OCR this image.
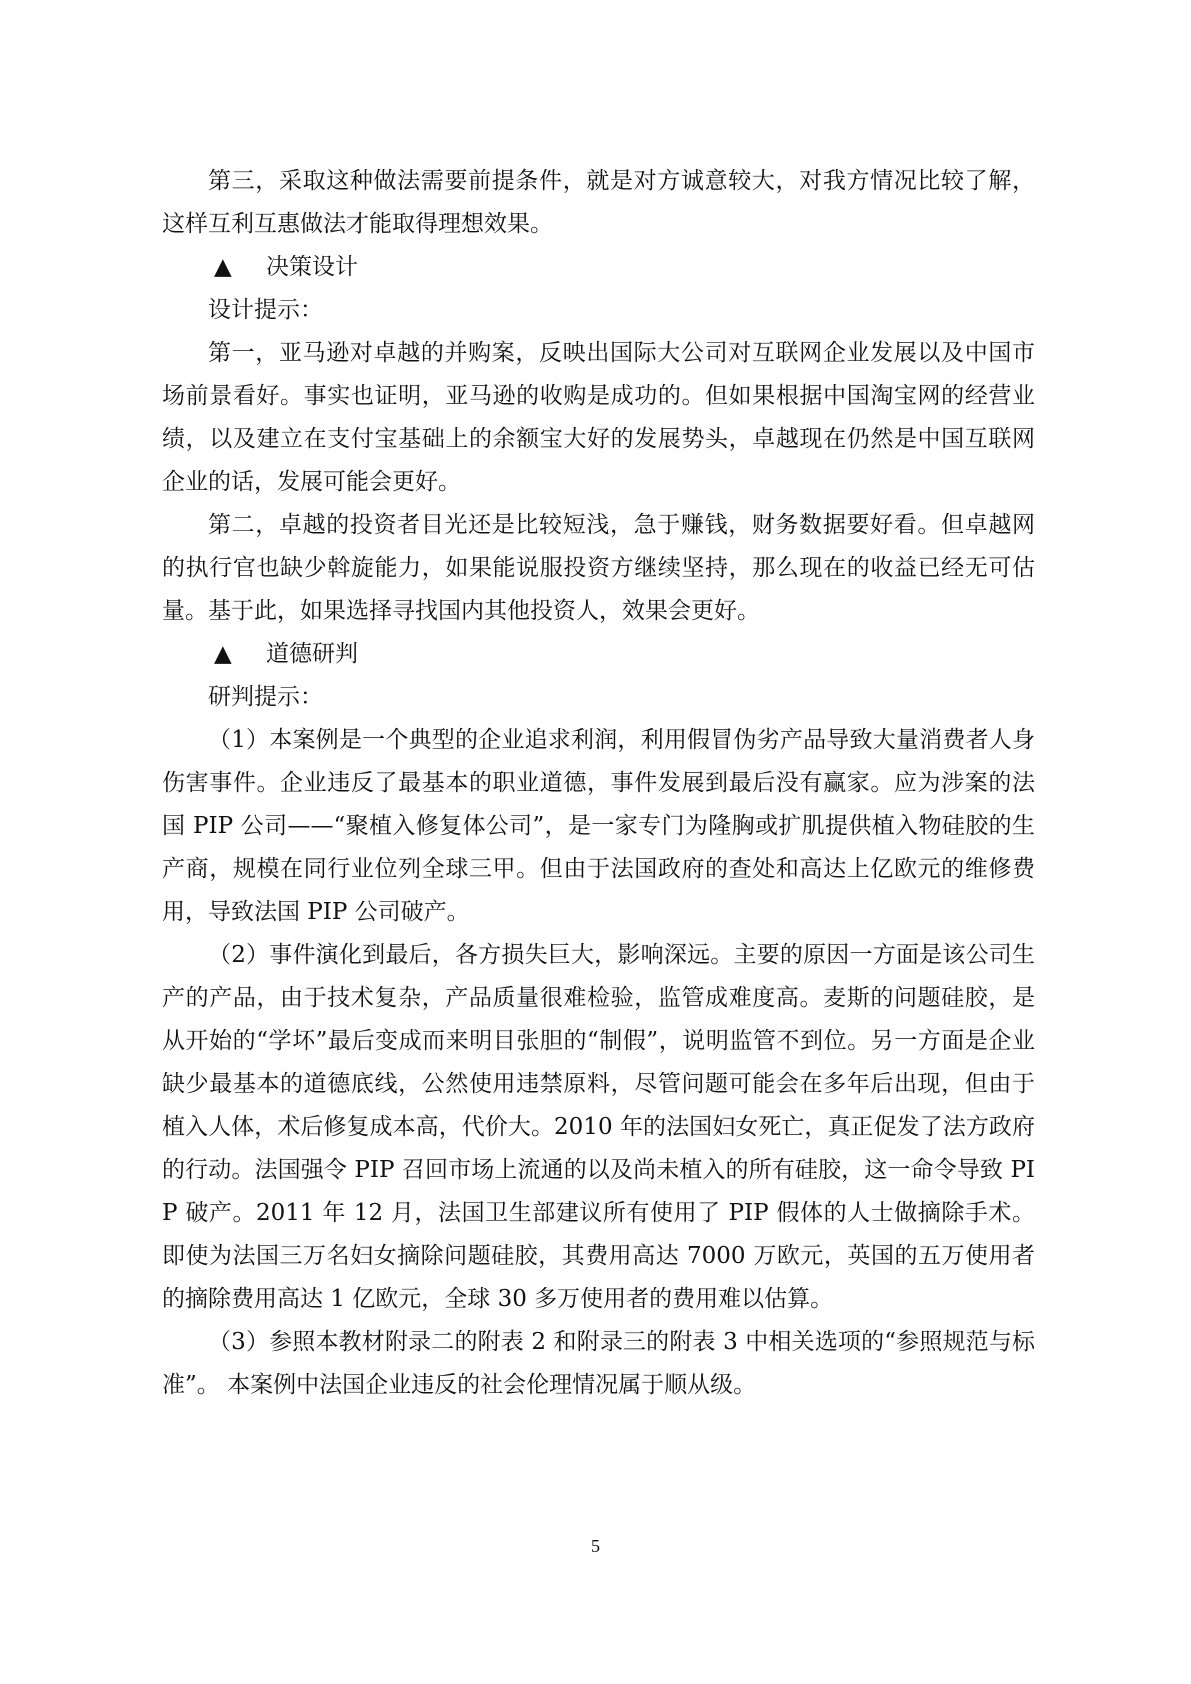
第三，采取这种做法需要前提条件，就是对方诚意较大，对我方情况比较了解，这样互利互惠做法才能取得理想效果。

▲ 决策设计

设计提示：

第一，亚马逊对卓越的并购案，反映出国际大公司对互联网企业发展以及中国市场前景看好。事实也证明，亚马逊的收购是成功的。但如果根据中国淘宝网的经营业绩，以及建立在支付宝基础上的余额宝大好的发展势头，卓越现在仍然是中国互联网企业的话，发展可能会更好。

第二，卓越的投资者目光还是比较短浅，急于赚钱，财务数据要好看。但卓越网的执行官也缺少斡旋能力，如果能说服投资方继续坚持，那么现在的收益已经无可估量。基于此，如果选择寻找国内其他投资人，效果会更好。

▲ 道德研判

研判提示：

（1）本案例是一个典型的企业追求利润，利用假冒伪劣产品导致大量消费者人身伤害事件。企业违反了最基本的职业道德，事件发展到最后没有赢家。应为涉案的法国 PIP 公司——“聚植入修复体公司”，是一家专门为隆胸或扩肌提供植入物硅胶的生产商，规模在同行业位列全球三甲。但由于法国政府的查处和高达上亿欧元的维修费用，导致法国 PIP 公司破产。

（2）事件演化到最后，各方损失巨大，影响深远。主要的原因一方面是该公司生产的产品，由于技术复杂，产品质量很难检验，监管成难度高。麦斯的问题硅胶，是从开始的“学坏”最后变成而来明目张胆的“制假”，说明监管不到位。另一方面是企业缺少最基本的道德底线，公然使用违禁原料，尽管问题可能会在多年后出现，但由于植入人体，术后修复成本高，代价大。2010 年的法国妇女死亡，真正促发了法方政府的行动。法国强令 PIP 召回市场上流通的以及尚未植入的所有硅胶，这一命令导致 PIP 破产。2011 年 12 月，法国卫生部建议所有使用了 PIP 假体的人士做摘除手术。即使为法国三万名妇女摘除问题硅胶，其费用高达 7000 万欧元，英国的五万使用者的摘除费用高达 1 亿欧元，全球 30 多万使用者的费用难以估算。

（3）参照本教材附录二的附表 2 和附录三的附表 3 中相关选项的“参照规范与标准”。 本案例中法国企业违反的社会伦理情况属于顺从级。

5
